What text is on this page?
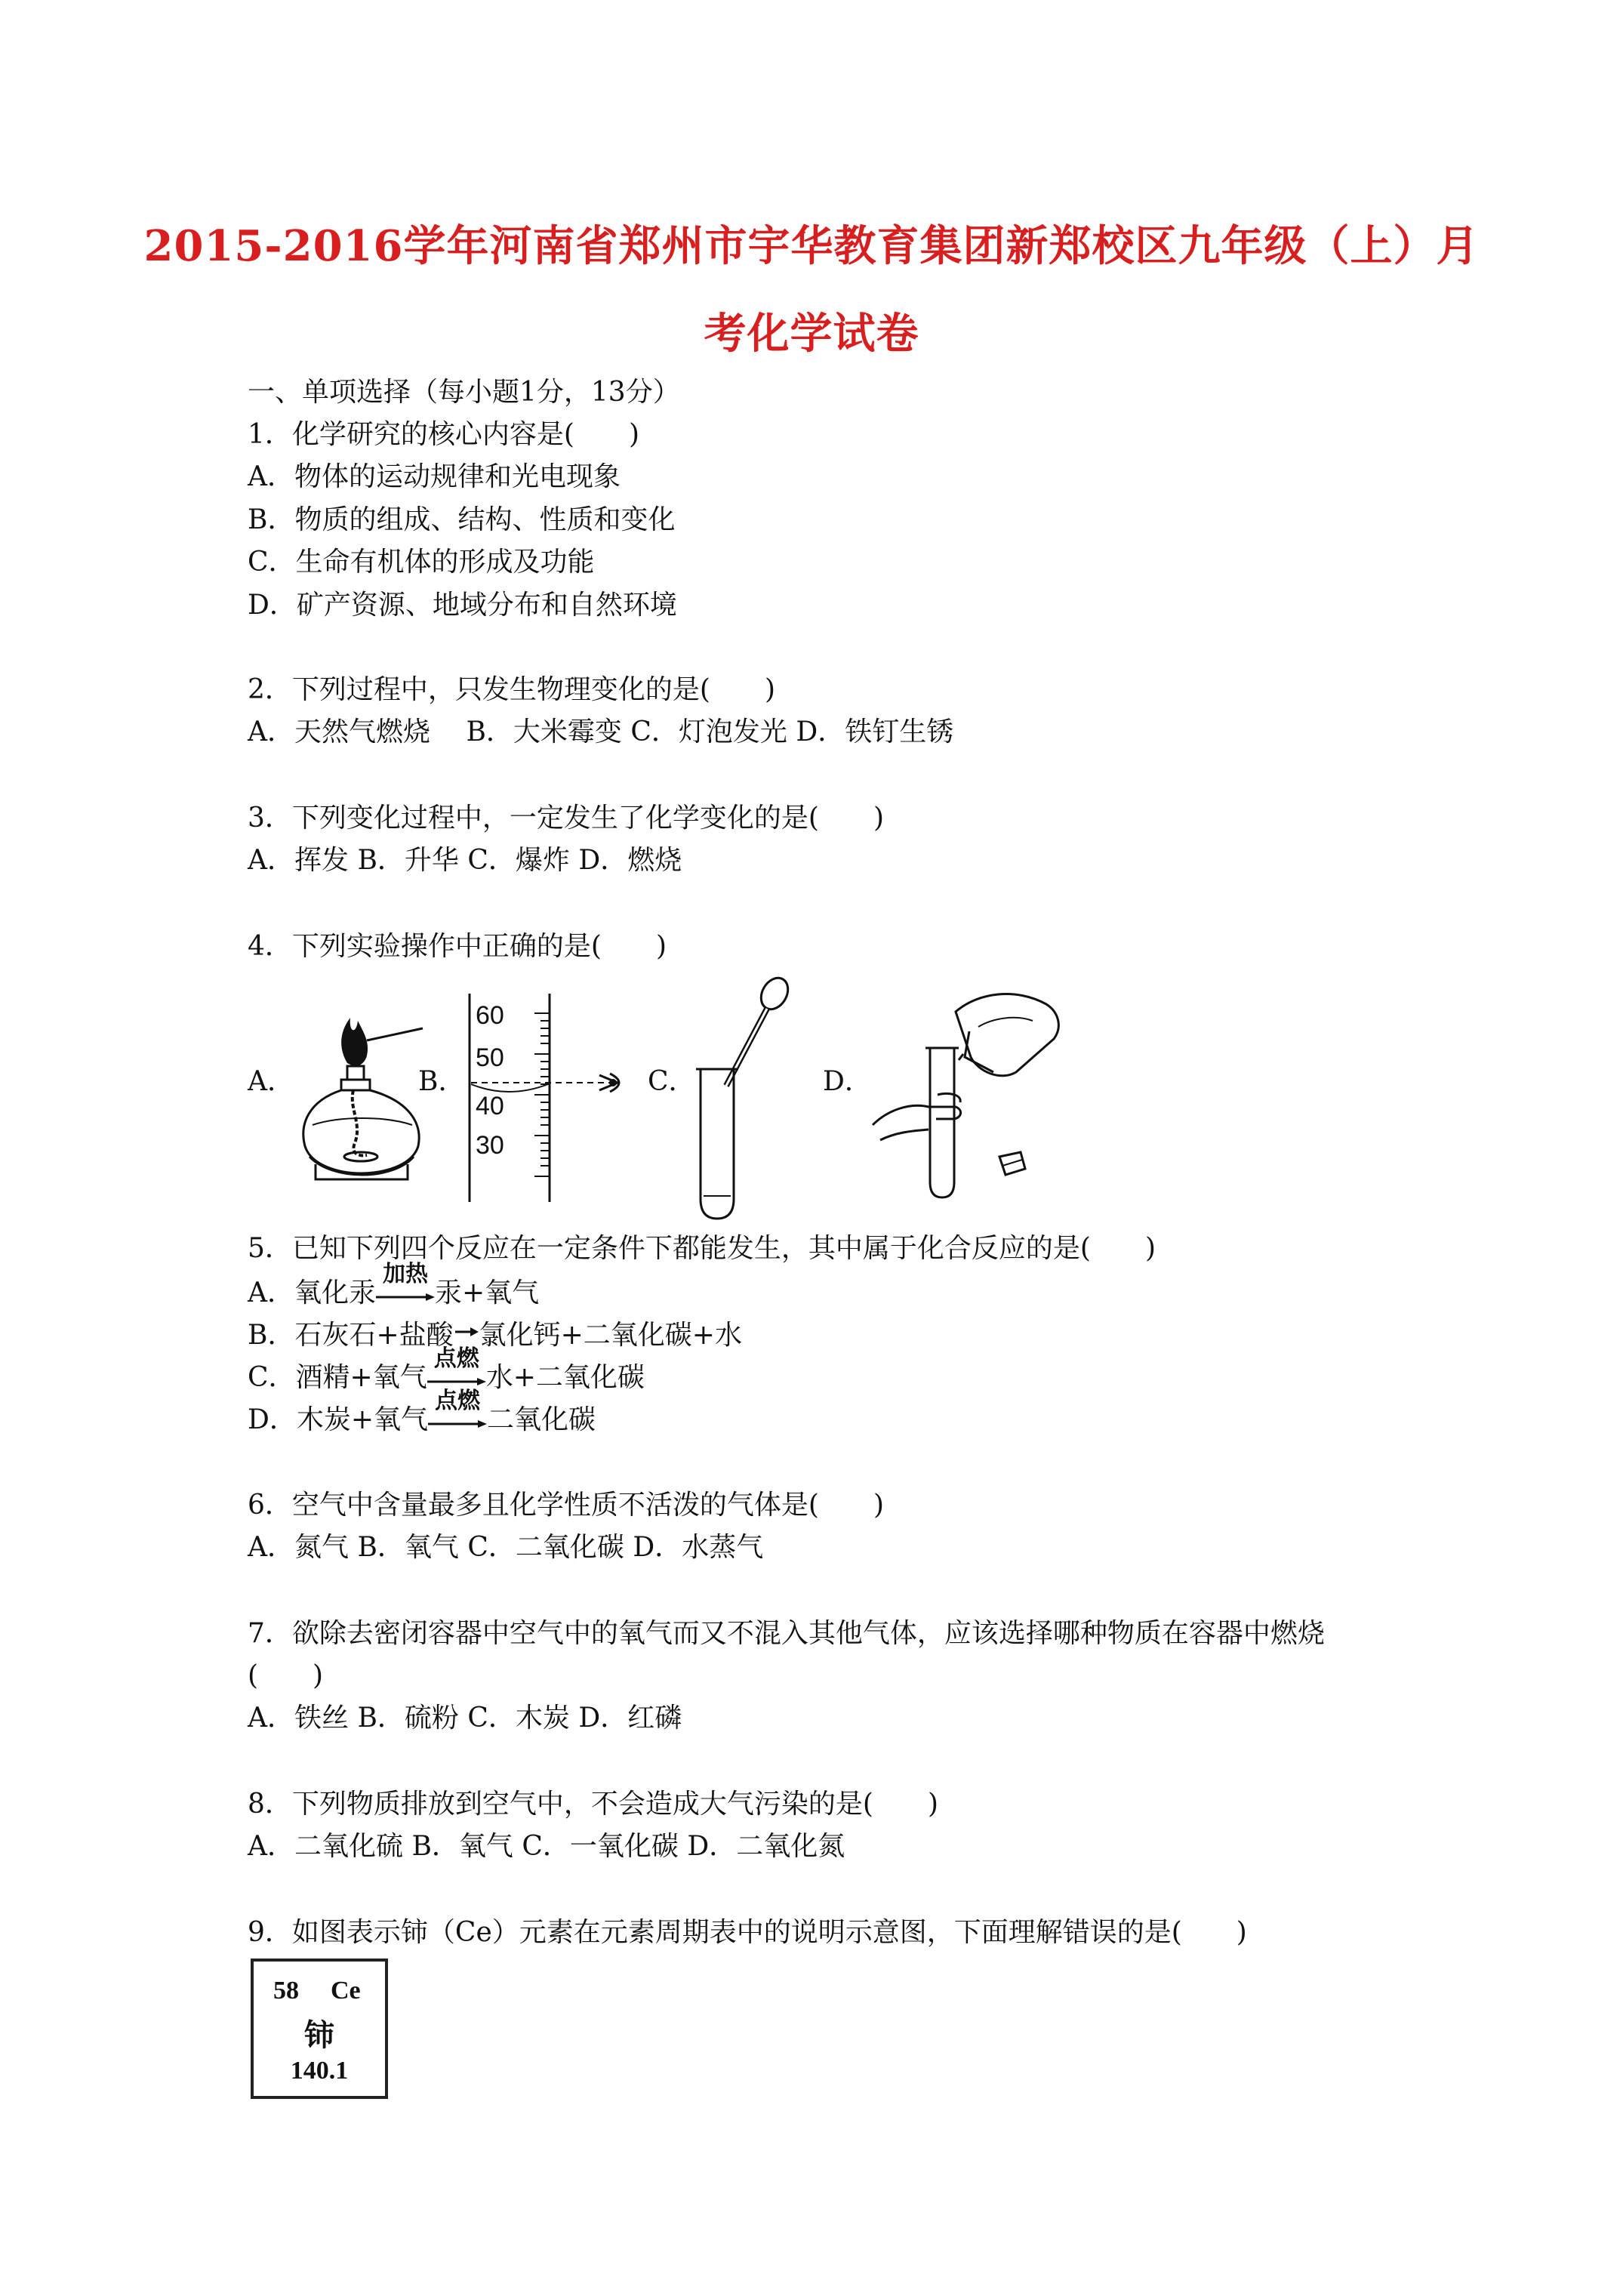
2015-2016学年河南省郑州市宇华教育集团新郑校区九年级（上）月
考化学试卷
一、单项选择（每小题1分，13分）
1．化学研究的核心内容是(　　)
A．物体的运动规律和光电现象
B．物质的组成、结构、性质和变化
C．生命有机体的形成及功能
D．矿产资源、地域分布和自然环境
2．下列过程中，只发生物理变化的是(　　)
A．天然气燃烧　 B．大米霉变 C．灯泡发光 D．铁钉生锈
3．下列变化过程中，一定发生了化学变化的是(　　)
A．挥发 B．升华 C．爆炸 D．燃烧
4．下列实验操作中正确的是(　　)
A．	B．
60
50
40
30
C．	D．
5．已知下列四个反应在一定条件下都能发生，其中属于化合反应的是(　　)
A．氧化汞
加热
汞+氧气
B．石灰石+盐酸 氯化钙+二氧化碳+水
C．酒精+氧气
点燃
水+二氧化碳
D．木炭+氧气
点燃
二氧化碳
6．空气中含量最多且化学性质不活泼的气体是(　　)
A．氮气 B．氧气 C．二氧化碳 D．水蒸气
7．欲除去密闭容器中空气中的氧气而又不混入其他气体，应该选择哪种物质在容器中燃烧
(　　)
A．铁丝 B．硫粉 C．木炭 D．红磷
8．下列物质排放到空气中，不会造成大气污染的是(　　)
A．二氧化硫 B．氧气 C．一氧化碳 D．二氧化氮
9．如图表示铈（Ce）元素在元素周期表中的说明示意图，下面理解错误的是(　　)
58 Ce
铈
140.1
